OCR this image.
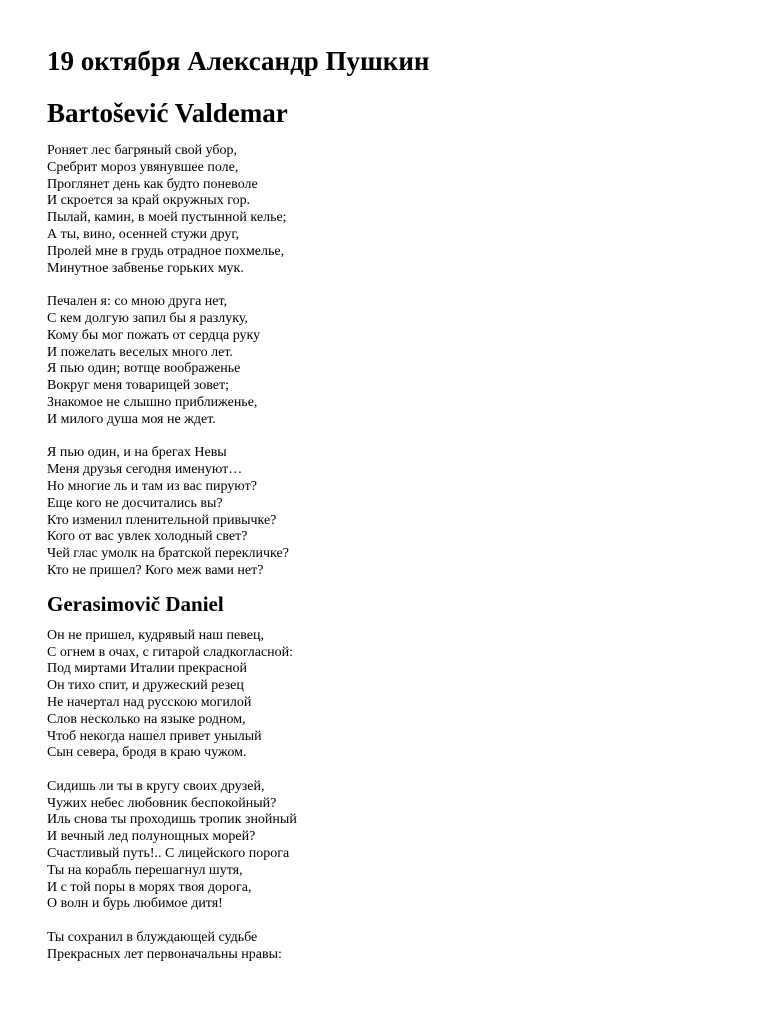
19 октября Александр Пушкин
Bartošević Valdemar
Роняет лес багряный свой убор,
Сребрит мороз увянувшее поле,
Проглянет день как будто поневоле
И скроется за край окружных гор.
Пылай, камин, в моей пустынной келье;
А ты, вино, осенней стужи друг,
Пролей мне в грудь отрадное похмелье,
Минутное забвенье горьких мук.
Печален я: со мною друга нет,
С кем долгую запил бы я разлуку,
Кому бы мог пожать от сердца руку
И пожелать веселых много лет.
Я пью один; вотще воображенье
Вокруг меня товарищей зовет;
Знакомое не слышно приближенье,
И милого душа моя не ждет.
Я пью один, и на брегах Невы
Меня друзья сегодня именуют…
Но многие ль и там из вас пируют?
Еще кого не досчитались вы?
Кто изменил пленительной привычке?
Кого от вас увлек холодный свет?
Чей глас умолк на братской перекличке?
Кто не пришел? Кого меж вами нет?
Gerasimovič Daniel
Он не пришел, кудрявый наш певец,
С огнем в очах, с гитарой сладкогласной:
Под миртами Италии прекрасной
Он тихо спит, и дружеский резец
Не начертал над русскою могилой
Слов несколько на языке родном,
Чтоб некогда нашел привет унылый
Сын севера, бродя в краю чужом.
Сидишь ли ты в кругу своих друзей,
Чужих небес любовник беспокойный?
Иль снова ты проходишь тропик знойный
И вечный лед полунощных морей?
Счастливый путь!.. С лицейского порога
Ты на корабль перешагнул шутя,
И с той поры в морях твоя дорога,
О волн и бурь любимое дитя!
Ты сохранил в блуждающей судьбе
Прекрасных лет первоначальны нравы:
